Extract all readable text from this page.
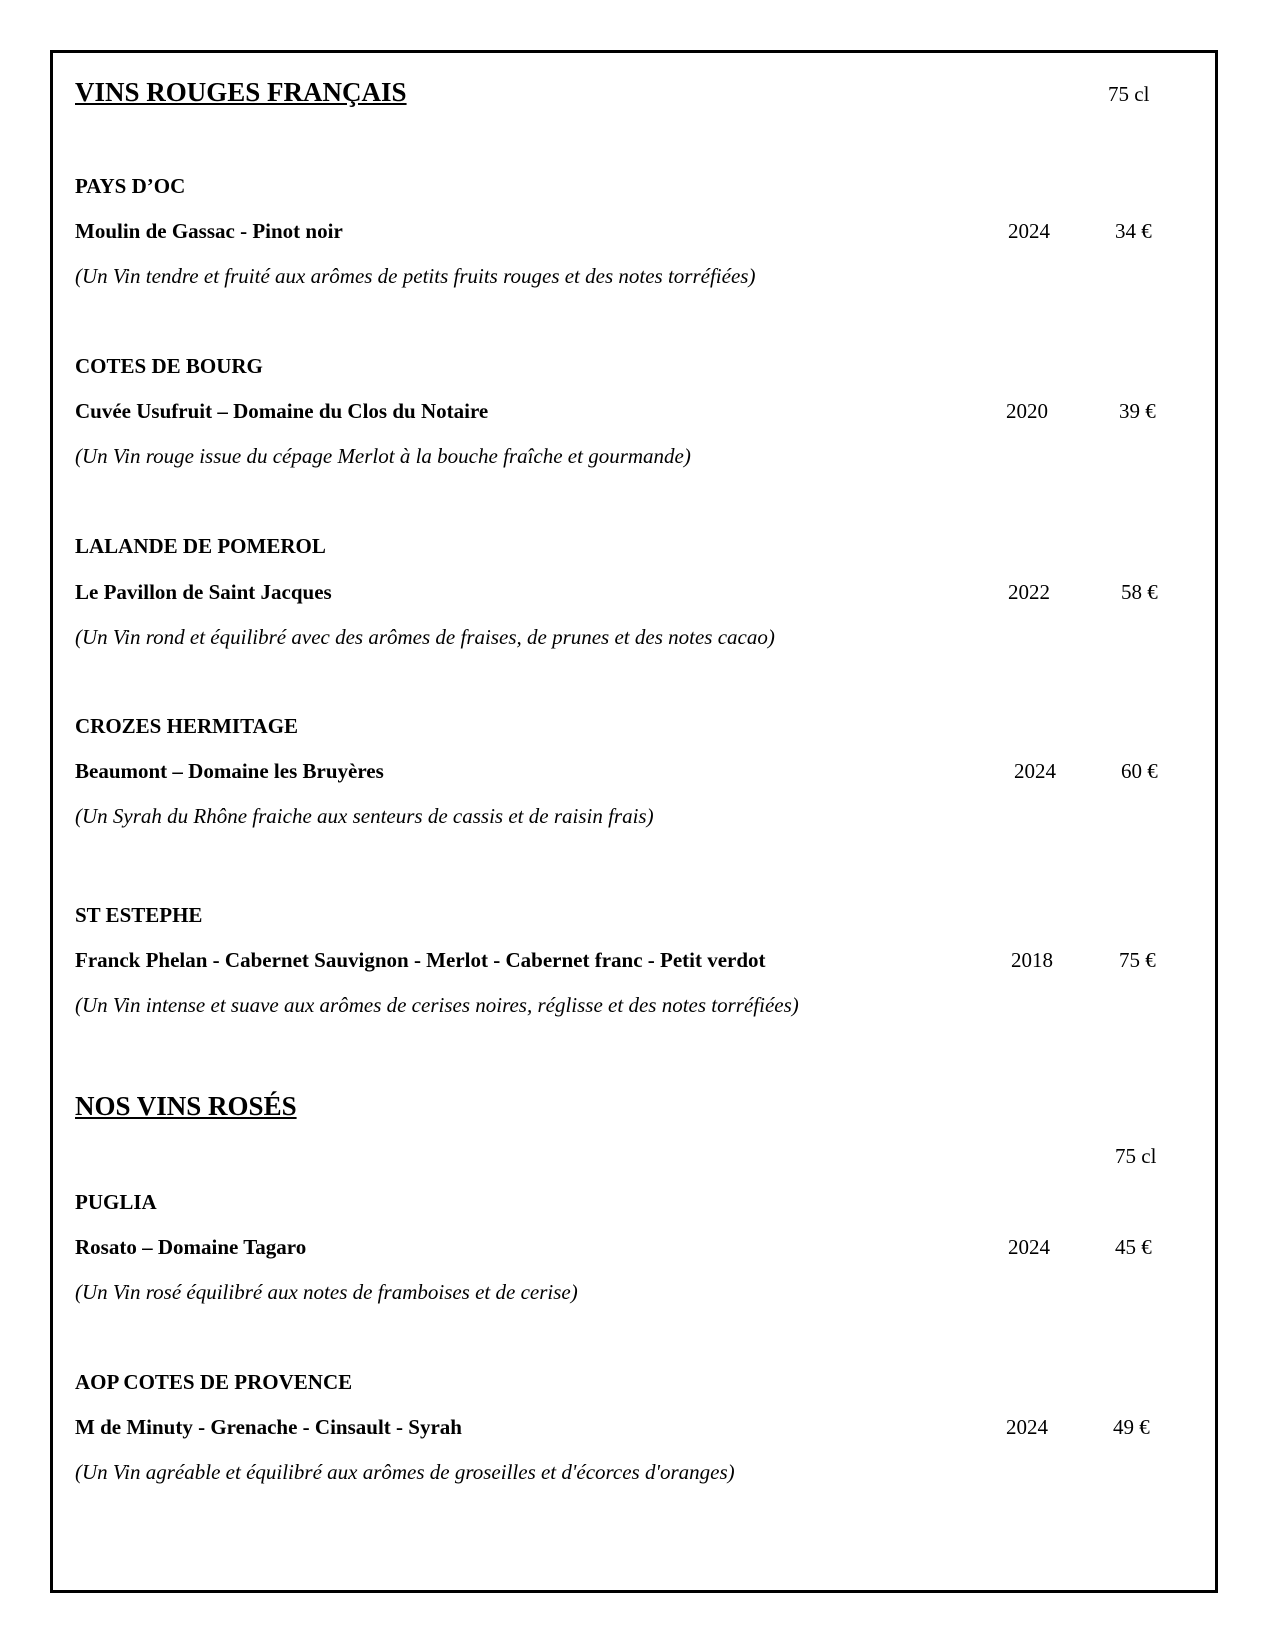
VINS ROUGES FRANÇAIS	75 cl
PAYS D’OC
Moulin de Gassac - Pinot noir	2024	34 €
(Un Vin tendre et fruité aux arômes de petits fruits rouges et des notes torréfiées)
COTES DE BOURG
Cuvée Usufruit – Domaine du Clos du Notaire	2020	39 €
(Un Vin rouge issue du cépage Merlot à la bouche fraîche et gourmande)
LALANDE DE POMEROL
Le Pavillon de Saint Jacques	2022	58 €
(Un Vin rond et équilibré avec des arômes de fraises, de prunes et des notes cacao)
CROZES HERMITAGE
Beaumont – Domaine les Bruyères	2024	60 €
(Un Syrah du Rhône fraiche aux senteurs de cassis et de raisin frais)
ST ESTEPHE
Franck Phelan - Cabernet Sauvignon - Merlot - Cabernet franc - Petit verdot	2018	75 €
(Un Vin intense et suave aux arômes de cerises noires, réglisse et des notes torréfiées)
NOS VINS ROSÉS
75 cl
PUGLIA
Rosato – Domaine Tagaro	2024	45 €
(Un Vin rosé équilibré aux notes de framboises et de cerise)
AOP COTES DE PROVENCE
M de Minuty - Grenache - Cinsault - Syrah	2024	49 €
(Un Vin agréable et équilibré aux arômes de groseilles et d'écorces d'oranges)
